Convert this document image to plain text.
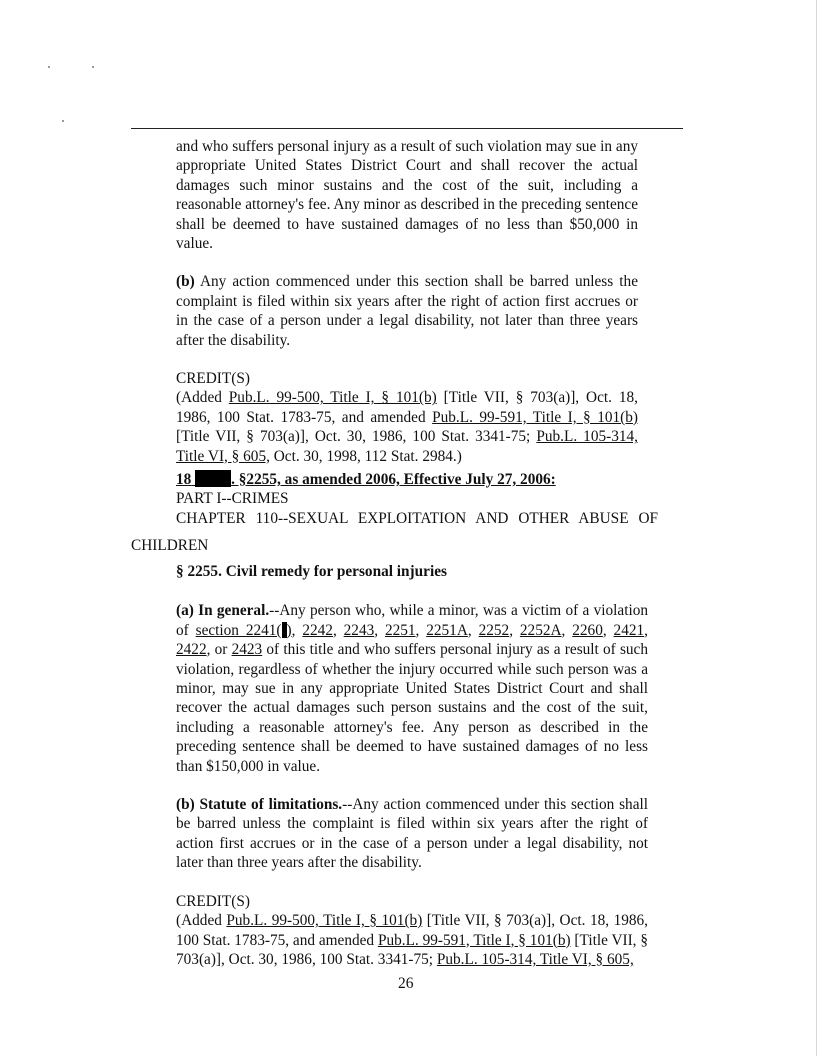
and who suffers personal injury as a result of such violation may sue in any appropriate United States District Court and shall recover the actual damages such minor sustains and the cost of the suit, including a reasonable attorney's fee. Any minor as described in the preceding sentence shall be deemed to have sustained damages of no less than $50,000 in value.

(b) Any action commenced under this section shall be barred unless the complaint is filed within six years after the right of action first accrues or in the case of a person under a legal disability, not later than three years after the disability.

CREDIT(S)

(Added Pub.L. 99-500, Title I, § 101(b) [Title VII, § 703(a)], Oct. 18, 1986, 100 Stat. 1783-75, and amended Pub.L. 99-591, Title I, § 101(b) [Title VII, § 703(a)], Oct. 30, 1986, 100 Stat. 3341-75; Pub.L. 105-314, Title VI, § 605, Oct. 30, 1998, 112 Stat. 2984.)

18	. §2255, as amended 2006, Effective July 27, 2006:
PART I--CRIMES
CHAPTER 110--SEXUAL EXPLOITATION AND OTHER ABUSE OF
CHILDREN

§ 2255. Civil remedy for personal injuries

(a) In general.--Any person who, while a minor, was a victim of a violation of section 2241( ), 2242, 2243, 2251, 2251A, 2252, 2252A, 2260, 2421, 2422, or 2423 of this title and who suffers personal injury as a result of such violation, regardless of whether the injury occurred while such person was a minor, may sue in any appropriate United States District Court and shall recover the actual damages such person sustains and the cost of the suit, including a reasonable attorney's fee. Any person as described in the preceding sentence shall be deemed to have sustained damages of no less than $150,000 in value.

(b) Statute of limitations.--Any action commenced under this section shall be barred unless the complaint is filed within six years after the right of action first accrues or in the case of a person under a legal disability, not later than three years after the disability.

CREDIT(S)

(Added Pub.L. 99-500, Title I, § 101(b) [Title VII, § 703(a)], Oct. 18, 1986, 100 Stat. 1783-75, and amended Pub.L. 99-591, Title I, § 101(b) [Title VII, § 703(a)], Oct. 30, 1986, 100 Stat. 3341-75; Pub.L. 105-314, Title VI, § 605,

26
